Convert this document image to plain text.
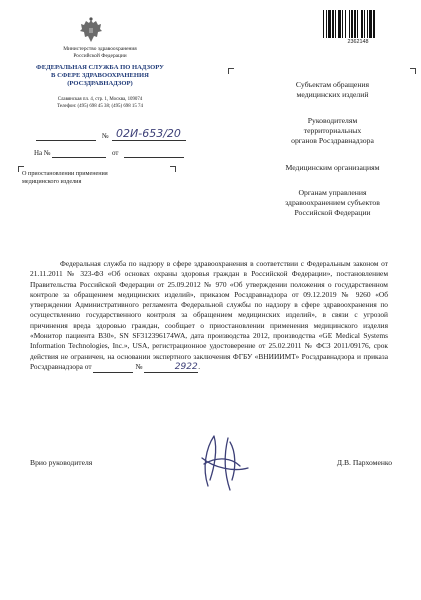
Министерство здравоохранения
Российской Федерации
ФЕДЕРАЛЬНАЯ СЛУЖБА ПО НАДЗОРУ
В СФЕРЕ ЗДРАВООХРАНЕНИЯ
(РОСЗДРАВНАДЗОР)
Славянская пл. 4, стр. 1, Москва, 109074
Телефон: (495) 698 45 38; (495) 698 15 74
№ 02И-653/20
На №	от
О приостановлении применения
медицинского изделия
2362148
Субъектам обращения
медицинских изделий
Руководителям
территориальных
органов Росздравнадзора
Медицинским организациям
Органам управления
здравоохранением субъектов
Российской Федерации
Федеральная служба по надзору в сфере здравоохранения в соответствии с Федеральным законом от 21.11.2011 № 323-ФЗ «Об основах охраны здоровья граждан в Российской Федерации», постановлением Правительства Российской Федерации от 25.09.2012 № 970 «Об утверждении положения о государственном контроле за обращением медицинских изделий», приказом Росздравнадзора от 09.12.2019 № 9260 «Об утверждении Административного регламента Федеральной службы по надзору в сфере здравоохранения по осуществлению государственного контроля за обращением медицинских изделий», в связи с угрозой причинения вреда здоровью граждан, сообщает о приостановлении применения медицинского изделия «Монитор пациента B30», SN SF312396174WA, дата производства 2012, производства «GE Medical Systems Information Technologies, Inc.», USA, регистрационное удостоверение от 25.02.2011 № ФСЗ 2011/09176, срок действия не ограничен, на основании экспертного заключения ФГБУ «ВНИИИМТ» Росздравнадзора и приказа Росздравнадзора от	№	2922.
Врио руководителя	Д.В. Пархоменко
